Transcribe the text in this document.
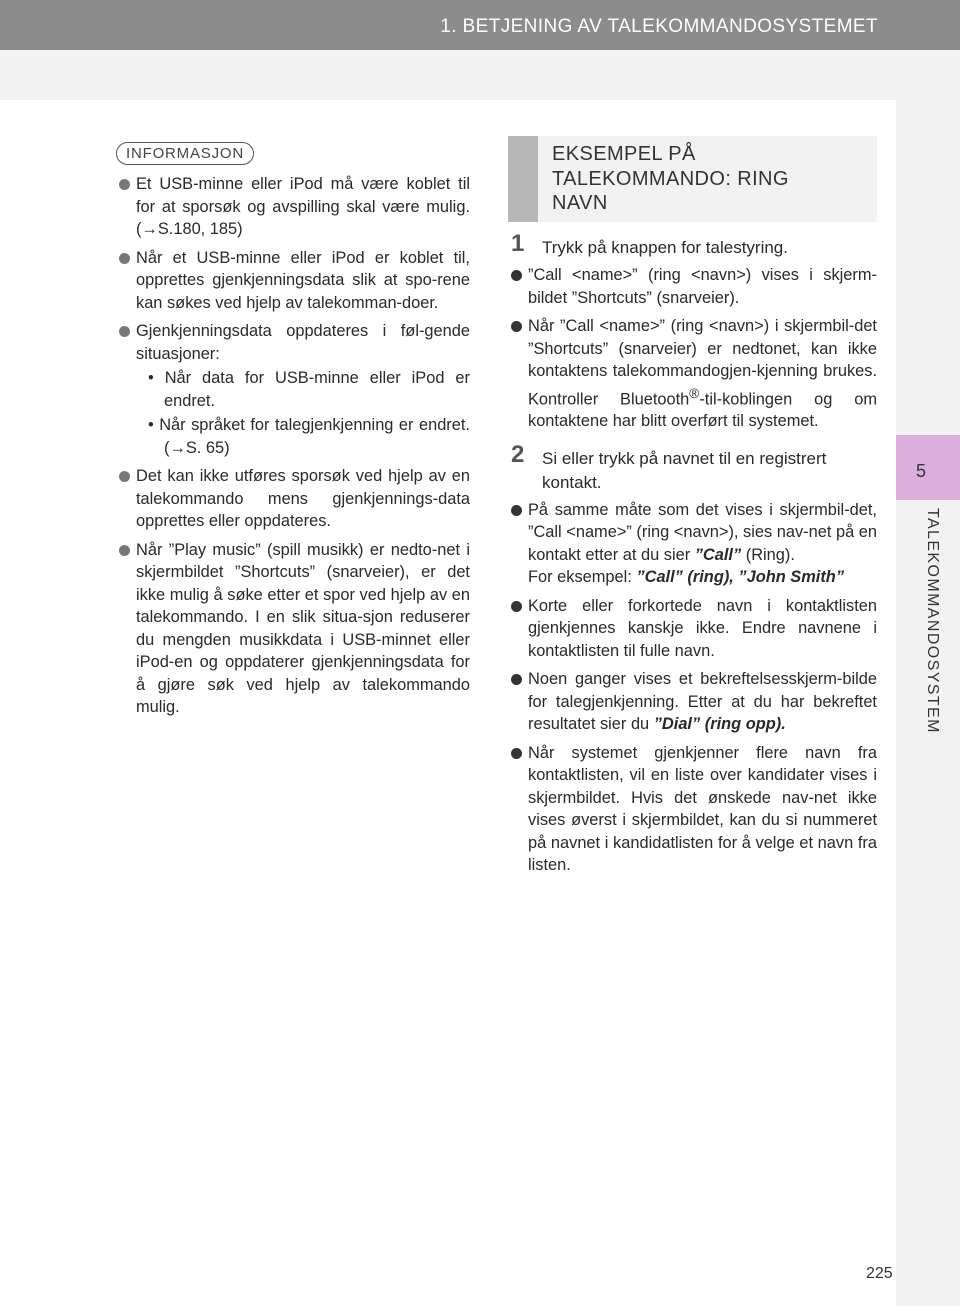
1. BETJENING AV TALEKOMMANDOSYSTEMET
5
TALEKOMMANDOSYSTEM
INFORMASJON
Et USB-minne eller iPod må være koblet til for at sporsøk og avspilling skal være mulig. (→S.180, 185)
Når et USB-minne eller iPod er koblet til, opprettes gjenkjenningsdata slik at spo-rene kan søkes ved hjelp av talekomman-doer.
Gjenkjenningsdata oppdateres i føl-gende situasjoner:
• Når data for USB-minne eller iPod er endret.
• Når språket for talegjenkjenning er endret. (→S. 65)
Det kan ikke utføres sporsøk ved hjelp av en talekommando mens gjenkjennings-data opprettes eller oppdateres.
Når ”Play music” (spill musikk) er nedto-net i skjermbildet ”Shortcuts” (snarveier), er det ikke mulig å søke etter et spor ved hjelp av en talekommando. I en slik situa-sjon reduserer du mengden musikkdata i USB-minnet eller iPod-en og oppdaterer gjenkjenningsdata for å gjøre søk ved hjelp av talekommando mulig.
EKSEMPEL PÅ
TALEKOMMANDO: RING
NAVN
1 Trykk på knappen for talestyring.
”Call <name>” (ring <navn>) vises i skjerm-bildet ”Shortcuts” (snarveier).
Når ”Call <name>” (ring <navn>) i skjermbil-det ”Shortcuts” (snarveier) er nedtonet, kan ikke kontaktens talekommandogjen-kjenning brukes. Kontroller Bluetooth®-til-koblingen og om kontaktene har blitt overført til systemet.
2 Si eller trykk på navnet til en registrert kontakt.
På samme måte som det vises i skjermbil-det, ”Call <name>” (ring <navn>), sies nav-net på en kontakt etter at du sier ”Call” (Ring).
For eksempel: ”Call” (ring), ”John Smith”
Korte eller forkortede navn i kontaktlisten gjenkjennes kanskje ikke. Endre navnene i kontaktlisten til fulle navn.
Noen ganger vises et bekreftelsesskjerm-bilde for talegjenkjenning. Etter at du har bekreftet resultatet sier du ”Dial” (ring opp).
Når systemet gjenkjenner flere navn fra kontaktlisten, vil en liste over kandidater vises i skjermbildet. Hvis det ønskede nav-net ikke vises øverst i skjermbildet, kan du si nummeret på navnet i kandidatlisten for å velge et navn fra listen.
225
